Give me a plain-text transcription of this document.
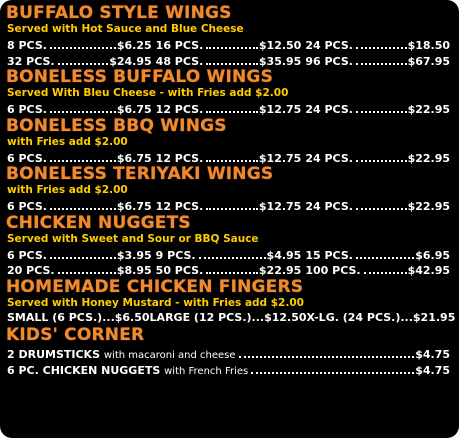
BUFFALO STYLE WINGS
Served with Hot Sauce and Blue Cheese
8 PCS.	$6.25 16 PCS.	$12.50 24 PCS.	$18.50
32 PCS.	$24.95 48 PCS.	$35.95 96 PCS.	$67.95
BONELESS BUFFALO WINGS
Served With Bleu Cheese - with Fries add $2.00
6 PCS.	$6.75 12 PCS.	$12.75 24 PCS.	$22.95
BONELESS BBQ WINGS
with Fries add $2.00
6 PCS.	$6.75 12 PCS.	$12.75 24 PCS.	$22.95
BONELESS TERIYAKI WINGS
with Fries add $2.00
6 PCS.	$6.75 12 PCS.	$12.75 24 PCS.	$22.95
CHICKEN NUGGETS
Served with Sweet and Sour or BBQ Sauce
6 PCS.	$3.95 9 PCS.	$4.95 15 PCS.	$6.95
20 PCS.	$8.95 50 PCS.	$22.95 100 PCS.	$42.95
HOMEMADE CHICKEN FINGERS
Served with Honey Mustard - with Fries add $2.00
SMALL (6 PCS.)...$6.50 LARGE (12 PCS.)...$12.50 X-LG. (24 PCS.)...$21.95
KIDS' CORNER
2 DRUMSTICKS with macaroni and cheese	$4.75
6 PC. CHICKEN NUGGETS with French Fries	$4.75
